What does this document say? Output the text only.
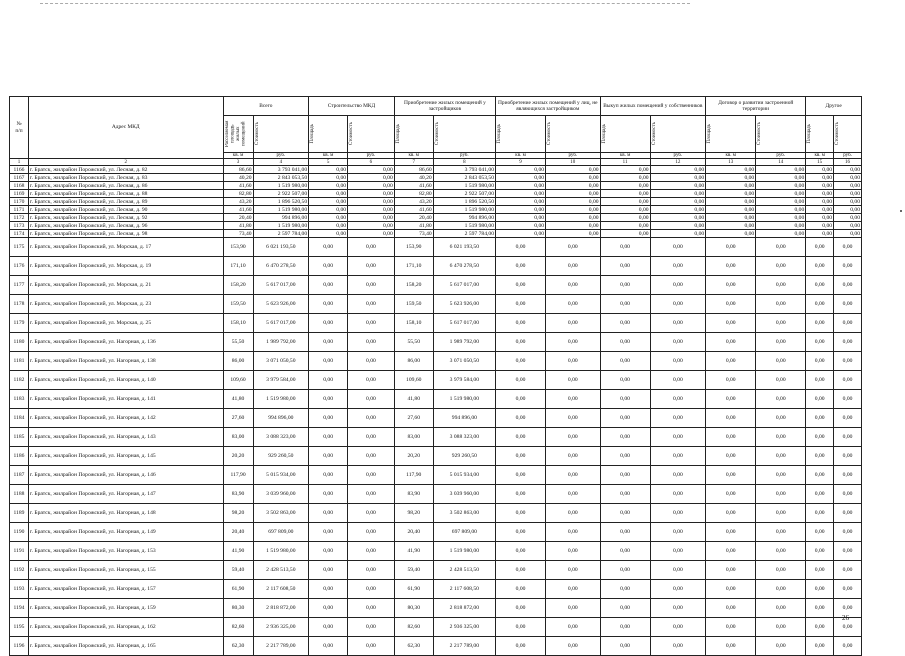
№
п/п	Адрес МКД	Всего		Строительство МКД		Приобретение жилых помещений у застройщиков		Приобретение жилых помещений у лиц, не являющихся застройщиком		Выкуп жилых помещений у собственников		Договор о развитии застроенной территории		Другое	

		Расселяемая площадь жилых помещений	Стоимость	Площадь	Стоимость	Площадь	Стоимость	Площадь	Стоимость	Площадь	Стоимость	Площадь	Стоимость	Площадь	Стоимость

		кв. м	руб.	кв. м	руб.	кв. м	руб.	кв. м	руб.	кв. м	руб.	кв. м	руб.	кв. м	руб.
1	2	3	4	5	6	7	8	9	10	11	12	13	14	15	16
1166	г. Братск, жилрайон Порожский, ул. Лесная, д. 82	86,60	3 793 041,00	0,00	0,00	86,60	3 793 041,00	0,00	0,00	0,00	0,00	0,00	0,00	0,00	0,00
1167	г. Братск, жилрайон Порожский, ул. Лесная, д. 83	40,20	2 843 053,50	0,00	0,00	40,20	2 843 053,50	0,00	0,00	0,00	0,00	0,00	0,00	0,00	0,00
1168	г. Братск, жилрайон Порожский, ул. Лесная, д. 86	41,60	1 519 980,00	0,00	0,00	41,60	1 519 980,00	0,00	0,00	0,00	0,00	0,00	0,00	0,00	0,00
1169	г. Братск, жилрайон Порожский, ул. Лесная, д. 88	82,80	2 922 507,00	0,00	0,00	82,80	2 922 507,00	0,00	0,00	0,00	0,00	0,00	0,00	0,00	0,00
1170	г. Братск, жилрайон Порожский, ул. Лесная, д. 89	43,20	1 896 520,50	0,00	0,00	43,20	1 896 520,50	0,00	0,00	0,00	0,00	0,00	0,00	0,00	0,00
1171	г. Братск, жилрайон Порожский, ул. Лесная, д. 90	41,60	1 519 980,00	0,00	0,00	41,60	1 519 980,00	0,00	0,00	0,00	0,00	0,00	0,00	0,00	0,00
1172	г. Братск, жилрайон Порожский, ул. Лесная, д. 92	20,40	994 896,00	0,00	0,00	20,40	994 896,00	0,00	0,00	0,00	0,00	0,00	0,00	0,00	0,00
1173	г. Братск, жилрайон Порожский, ул. Лесная, д. 96	41,80	1 519 980,00	0,00	0,00	41,80	1 519 980,00	0,00	0,00	0,00	0,00	0,00	0,00	0,00	0,00
1174	г. Братск, жилрайон Порожский, ул. Лесная, д. 98	73,40	2 597 784,00	0,00	0,00	73,40	2 597 784,00	0,00	0,00	0,00	0,00	0,00	0,00	0,00	0,00
1175	г. Братск, жилрайон Порожский, ул. Морская, д. 17	153,90	6 021 193,50	0,00	0,00	153,90	6 021 193,50	0,00	0,00	0,00	0,00	0,00	0,00	0,00	0,00
1176	г. Братск, жилрайон Порожский, ул. Морская, д. 19	171,10	6 470 278,50	0,00	0,00	171,10	6 470 278,50	0,00	0,00	0,00	0,00	0,00	0,00	0,00	0,00
1177	г. Братск, жилрайон Порожский, ул. Морская, д. 21	158,20	5 617 017,00	0,00	0,00	158,20	5 617 017,00	0,00	0,00	0,00	0,00	0,00	0,00	0,00	0,00
1178	г. Братск, жилрайон Порожский, ул. Морская, д. 23	159,50	5 623 926,00	0,00	0,00	159,50	5 623 926,00	0,00	0,00	0,00	0,00	0,00	0,00	0,00	0,00
1179	г. Братск, жилрайон Порожский, ул. Морская, д. 25	158,10	5 617 017,00	0,00	0,00	158,10	5 617 017,00	0,00	0,00	0,00	0,00	0,00	0,00	0,00	0,00
1180	г. Братск, жилрайон Порожский, ул. Нагорная, д. 136	55,50	1 989 792,00	0,00	0,00	55,50	1 989 792,00	0,00	0,00	0,00	0,00	0,00	0,00	0,00	0,00
1181	г. Братск, жилрайон Порожский, ул. Нагорная, д. 138	86,00	3 071 050,50	0,00	0,00	86,00	3 071 050,50	0,00	0,00	0,00	0,00	0,00	0,00	0,00	0,00
1182	г. Братск, жилрайон Порожский, ул. Нагорная, д. 140	109,60	3 979 584,00	0,00	0,00	109,60	3 979 584,00	0,00	0,00	0,00	0,00	0,00	0,00	0,00	0,00
1183	г. Братск, жилрайон Порожский, ул. Нагорная, д. 141	41,80	1 519 980,00	0,00	0,00	41,80	1 519 980,00	0,00	0,00	0,00	0,00	0,00	0,00	0,00	0,00
1184	г. Братск, жилрайон Порожский, ул. Нагорная, д. 142	27,60	994 896,00	0,00	0,00	27,60	994 896,00	0,00	0,00	0,00	0,00	0,00	0,00	0,00	0,00
1185	г. Братск, жилрайон Порожский, ул. Нагорная, д. 143	83,00	3 088 323,00	0,00	0,00	83,00	3 088 323,00	0,00	0,00	0,00	0,00	0,00	0,00	0,00	0,00
1186	г. Братск, жилрайон Порожский, ул. Нагорная, д. 145	20,20	929 260,50	0,00	0,00	20,20	929 260,50	0,00	0,00	0,00	0,00	0,00	0,00	0,00	0,00
1187	г. Братск, жилрайон Порожский, ул. Нагорная, д. 146	117,90	5 015 934,00	0,00	0,00	117,90	5 015 934,00	0,00	0,00	0,00	0,00	0,00	0,00	0,00	0,00
1188	г. Братск, жилрайон Порожский, ул. Нагорная, д. 147	83,90	3 039 960,00	0,00	0,00	83,90	3 039 960,00	0,00	0,00	0,00	0,00	0,00	0,00	0,00	0,00
1189	г. Братск, жилрайон Порожский, ул. Нагорная, д. 148	98,20	3 502 863,00	0,00	0,00	98,20	3 502 863,00	0,00	0,00	0,00	0,00	0,00	0,00	0,00	0,00
1190	г. Братск, жилрайон Порожский, ул. Нагорная, д. 149	20,40	697 809,00	0,00	0,00	20,40	697 809,00	0,00	0,00	0,00	0,00	0,00	0,00	0,00	0,00
1191	г. Братск, жилрайон Порожский, ул. Нагорная, д. 153	41,90	1 519 980,00	0,00	0,00	41,90	1 519 980,00	0,00	0,00	0,00	0,00	0,00	0,00	0,00	0,00
1192	г. Братск, жилрайон Порожский, ул. Нагорная, д. 155	59,40	2 428 513,50	0,00	0,00	59,40	2 428 513,50	0,00	0,00	0,00	0,00	0,00	0,00	0,00	0,00
1193	г. Братск, жилрайон Порожский, ул. Нагорная, д. 157	61,90	2 117 608,50	0,00	0,00	61,90	2 117 608,50	0,00	0,00	0,00	0,00	0,00	0,00	0,00	0,00
1194	г. Братск, жилрайон Порожский, ул. Нагорная, д. 159	80,30	2 818 872,00	0,00	0,00	80,30	2 818 872,00	0,00	0,00	0,00	0,00	0,00	0,00	0,00	0,00
1195	г. Братск, жилрайон Порожский, ул. Нагорная, д. 162	82,60	2 936 325,00	0,00	0,00	82,60	2 936 325,00	0,00	0,00	0,00	0,00	0,00	0,00	0,00	0,00
1196	г. Братск, жилрайон Порожский, ул. Нагорная, д. 165	62,30	2 217 789,00	0,00	0,00	62,30	2 217 789,00	0,00	0,00	0,00	0,00	0,00	0,00	0,00	0,00
26
